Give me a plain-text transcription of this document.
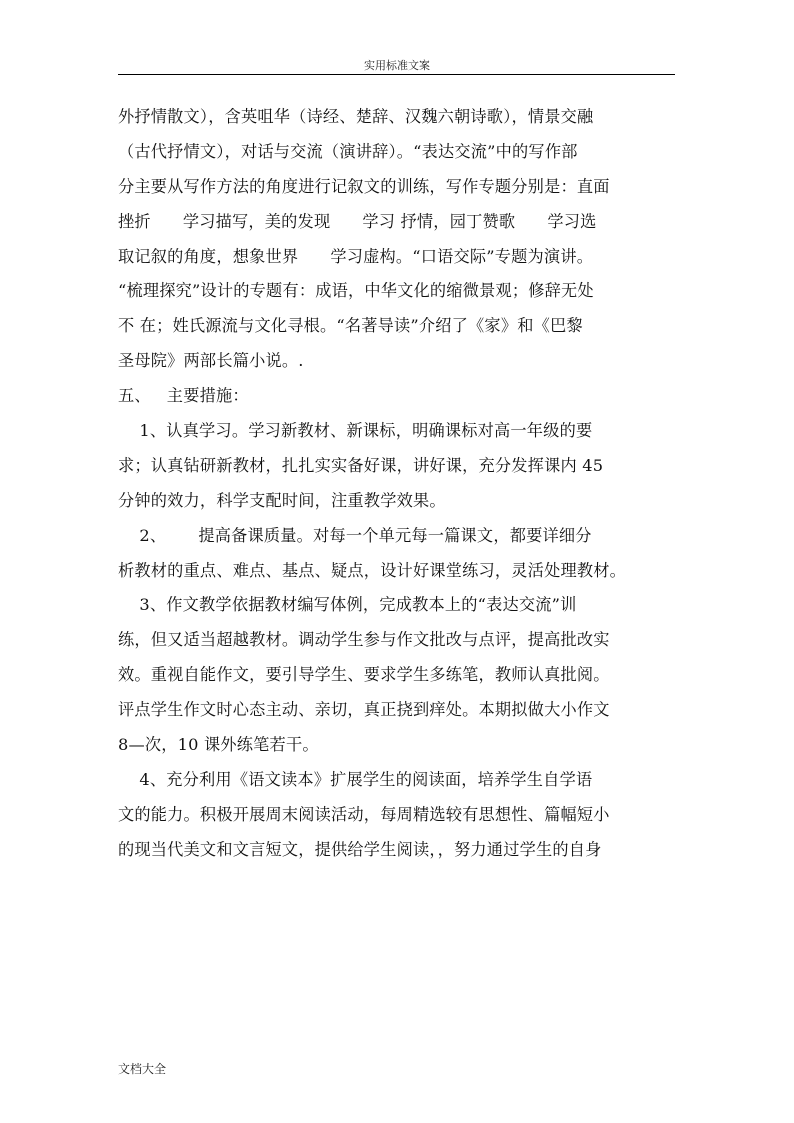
实用标准文案
外抒情散文），含英咀华（诗经、楚辞、汉魏六朝诗歌），情景交融
（古代抒情文），对话与交流（演讲辞）。“表达交流”中的写作部
分主要从写作方法的角度进行记叙文的训练，写作专题分别是：直面
挫折      学习描写，美的发现      学习 抒情，园丁赞歌      学习选
取记叙的角度，想象世界      学习虚构。“口语交际”专题为演讲。
“梳理探究”设计的专题有：成语，中华文化的缩微景观；修辞无处
不 在；姓氏源流与文化寻根。“名著导读”介绍了《家》和《巴黎
圣母院》两部长篇小说。.
五、   主要措施：
1、认真学习。学习新教材、新课标，明确课标对高一年级的要
求；认真钻研新教材，扎扎实实备好课，讲好课，充分发挥课内 45
分钟的效力，科学支配时间，注重教学效果。
2、      提高备课质量。对每一个单元每一篇课文，都要详细分
析教材的重点、难点、基点、疑点，设计好课堂练习，灵活处理教材。
3、作文教学依据教材编写体例，完成教本上的“表达交流”训
练，但又适当超越教材。调动学生参与作文批改与点评，提高批改实
效。重视自能作文，要引导学生、要求学生多练笔，教师认真批阅。
评点学生作文时心态主动、亲切，真正挠到痒处。本期拟做大小作文
8—次，10 课外练笔若干。
4、充分利用《语文读本》扩展学生的阅读面，培养学生自学语
文的能力。积极开展周末阅读活动，每周精选较有思想性、篇幅短小
的现当代美文和文言短文，提供给学生阅读，，努力通过学生的自身
文档大全
